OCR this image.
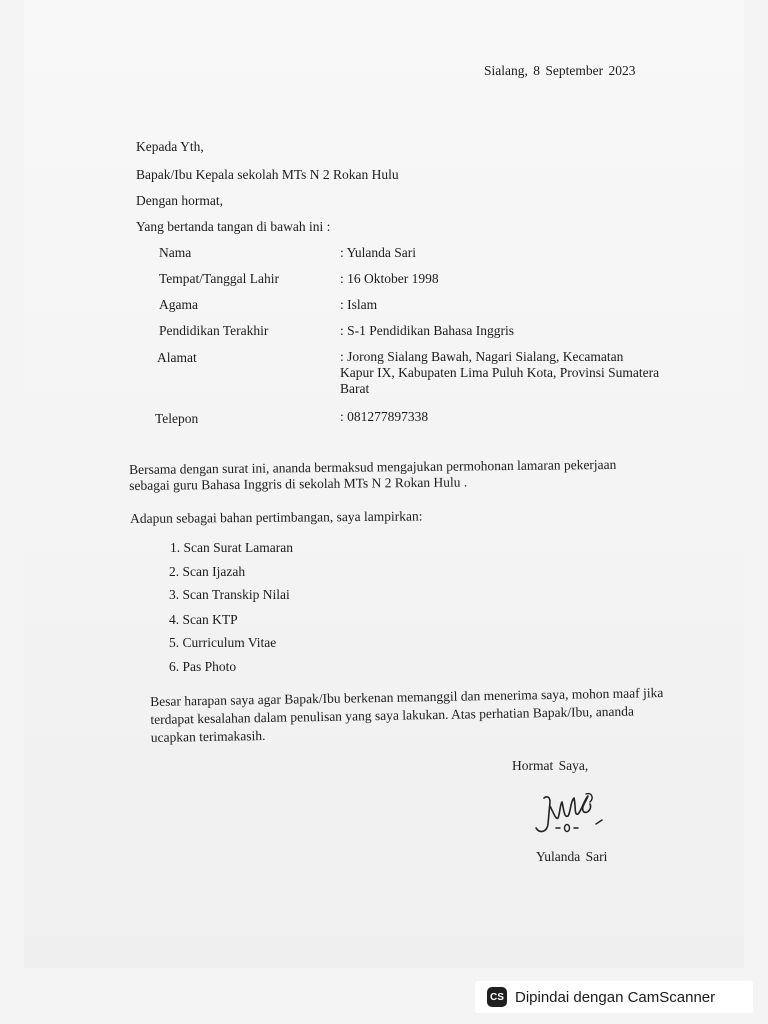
Sialang, 8 September 2023
Kepada Yth,
Bapak/Ibu Kepala sekolah MTs N 2 Rokan Hulu
Dengan hormat,
Yang bertanda tangan di bawah ini :
Nama	: Yulanda Sari
Tempat/Tanggal Lahir	: 16 Oktober 1998
Agama	: Islam
Pendidikan Terakhir	: S-1 Pendidikan Bahasa Inggris
Alamat	: Jorong Sialang Bawah, Nagari Sialang, Kecamatan Kapur IX, Kabupaten Lima Puluh Kota, Provinsi Sumatera Barat
Telepon	: 081277897338
Bersama dengan surat ini, ananda bermaksud mengajukan permohonan lamaran pekerjaan sebagai guru Bahasa Inggris di sekolah MTs N 2 Rokan Hulu .
Adapun sebagai bahan pertimbangan, saya lampirkan:
1. Scan Surat Lamaran
2. Scan Ijazah
3. Scan Transkip Nilai
4. Scan KTP
5. Curriculum Vitae
6. Pas Photo
Besar harapan saya agar Bapak/Ibu berkenan memanggil dan menerima saya, mohon maaf jika terdapat kesalahan dalam penulisan yang saya lakukan. Atas perhatian Bapak/Ibu, ananda ucapkan terimakasih.
Hormat Saya,
Yulanda Sari
CS Dipindai dengan CamScanner
